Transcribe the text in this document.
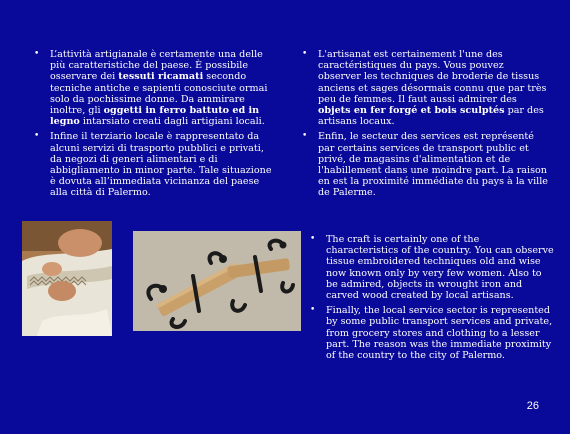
• L’attività artigianale è certamente una delle più caratteristiche del paese. È possibile osservare dei tessuti ricamati secondo tecniche antiche e sapienti conosciute ormai solo da pochissime donne. Da ammirare inoltre, gli oggetti in ferro battuto ed in legno intarsiato creati dagli artigiani locali.
• Infine il terziario locale è rappresentato da alcuni servizi di trasporto pubblici e privati, da negozi di generi alimentari e di abbigliamento in minor parte. Tale situazione è dovuta all’immediata vicinanza del paese alla città di Palermo.
• L'artisanat est certainement l'une des caractéristiques du pays. Vous pouvez observer les techniques de broderie de tissus anciens et sages désormais connu que par très peu de femmes. Il faut aussi admirer des objets en fer forgé et bois sculptés par des artisans locaux.
• Enfin, le secteur des services est représenté par certains services de transport public et privé, de magasins d'alimentation et de l'habillement dans une moindre part. La raison en est la proximité immédiate du pays à la ville de Palerme.
• The craft is certainly one of the characteristics of the country. You can observe tissue embroidered techniques old and wise now known only by very few women. Also to be admired, objects in wrought iron and carved wood created by local artisans.
• Finally, the local service sector is represented by some public transport services and private, from grocery stores and clothing to a lesser part. The reason was the immediate proximity of the country to the city of Palermo.
26
